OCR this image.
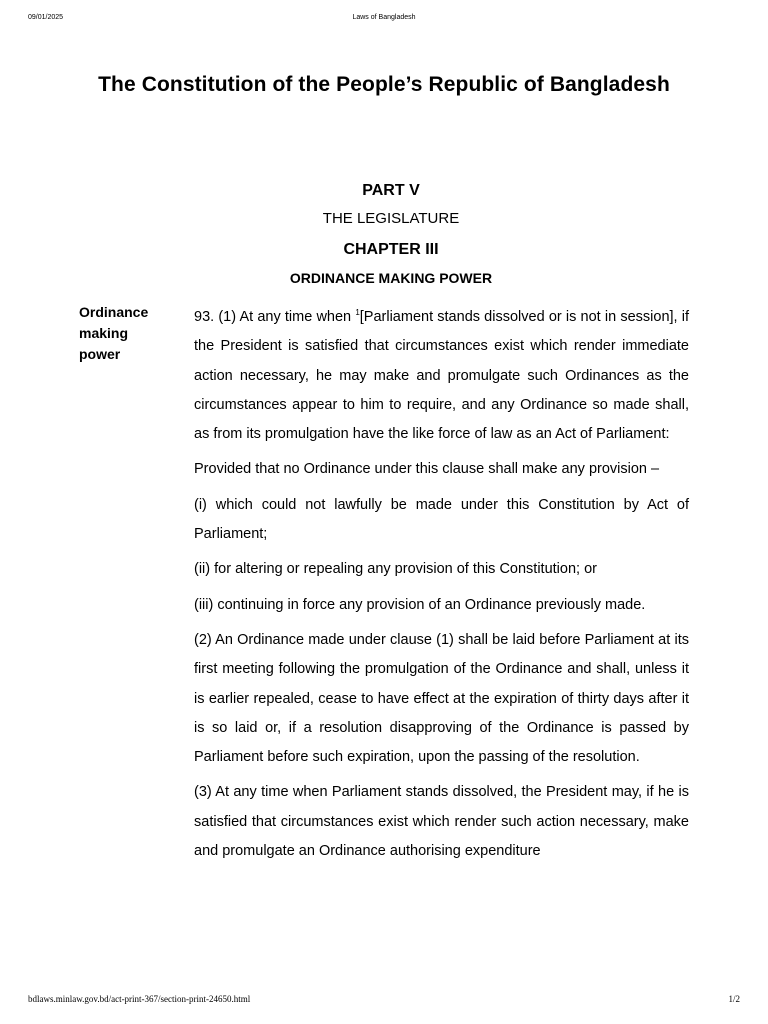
09/01/2025	Laws of Bangladesh
The Constitution of the People’s Republic of Bangladesh
PART V
THE LEGISLATURE
CHAPTER III
ORDINANCE MAKING POWER
Ordinance
making
power

93. (1) At any time when $^1$[Parliament stands dissolved or is not in session], if the President is satisfied that circumstances exist which render immediate action necessary, he may make and promulgate such Ordinances as the circumstances appear to him to require, and any Ordinance so made shall, as from its promulgation have the like force of law as an Act of Parliament:

Provided that no Ordinance under this clause shall make any provision –

(i) which could not lawfully be made under this Constitution by Act of Parliament;

(ii) for altering or repealing any provision of this Constitution; or

(iii) continuing in force any provision of an Ordinance previously made.

(2) An Ordinance made under clause (1) shall be laid before Parliament at its first meeting following the promulgation of the Ordinance and shall, unless it is earlier repealed, cease to have effect at the expiration of thirty days after it is so laid or, if a resolution disapproving of the Ordinance is passed by Parliament before such expiration, upon the passing of the resolution.

(3) At any time when Parliament stands dissolved, the President may, if he is satisfied that circumstances exist which render such action necessary, make and promulgate an Ordinance authorising expenditure

bdlaws.minlaw.gov.bd/act-print-367/section-print-24650.html	1/2
